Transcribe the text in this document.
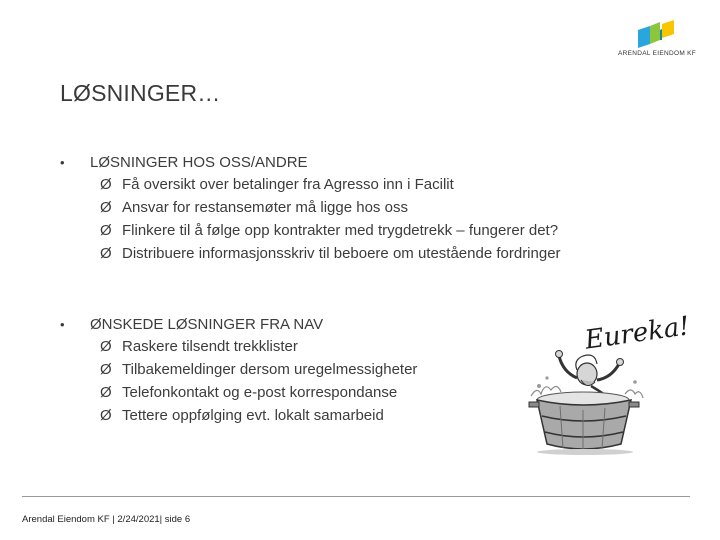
ARENDAL EIENDOM KF
LØSNINGER…
• LØSNINGER HOS OSS/ANDRE
Ø Få oversikt over betalinger fra Agresso inn i Facilit
Ø Ansvar for restansemøter må ligge hos oss
Ø Flinkere til å følge opp kontrakter med trygdetrekk – fungerer det?
Ø Distribuere informasjonsskriv til beboere om utestående fordringer
• ØNSKEDE LØSNINGER FRA NAV
Ø Raskere tilsendt trekklister
Ø Tilbakemeldinger dersom uregelmessigheter
Ø Telefonkontakt og e-post korrespondanse
Ø Tettere oppfølging evt. lokalt samarbeid
Eureka!
Arendal Eiendom KF | 2/24/2021| side 6
